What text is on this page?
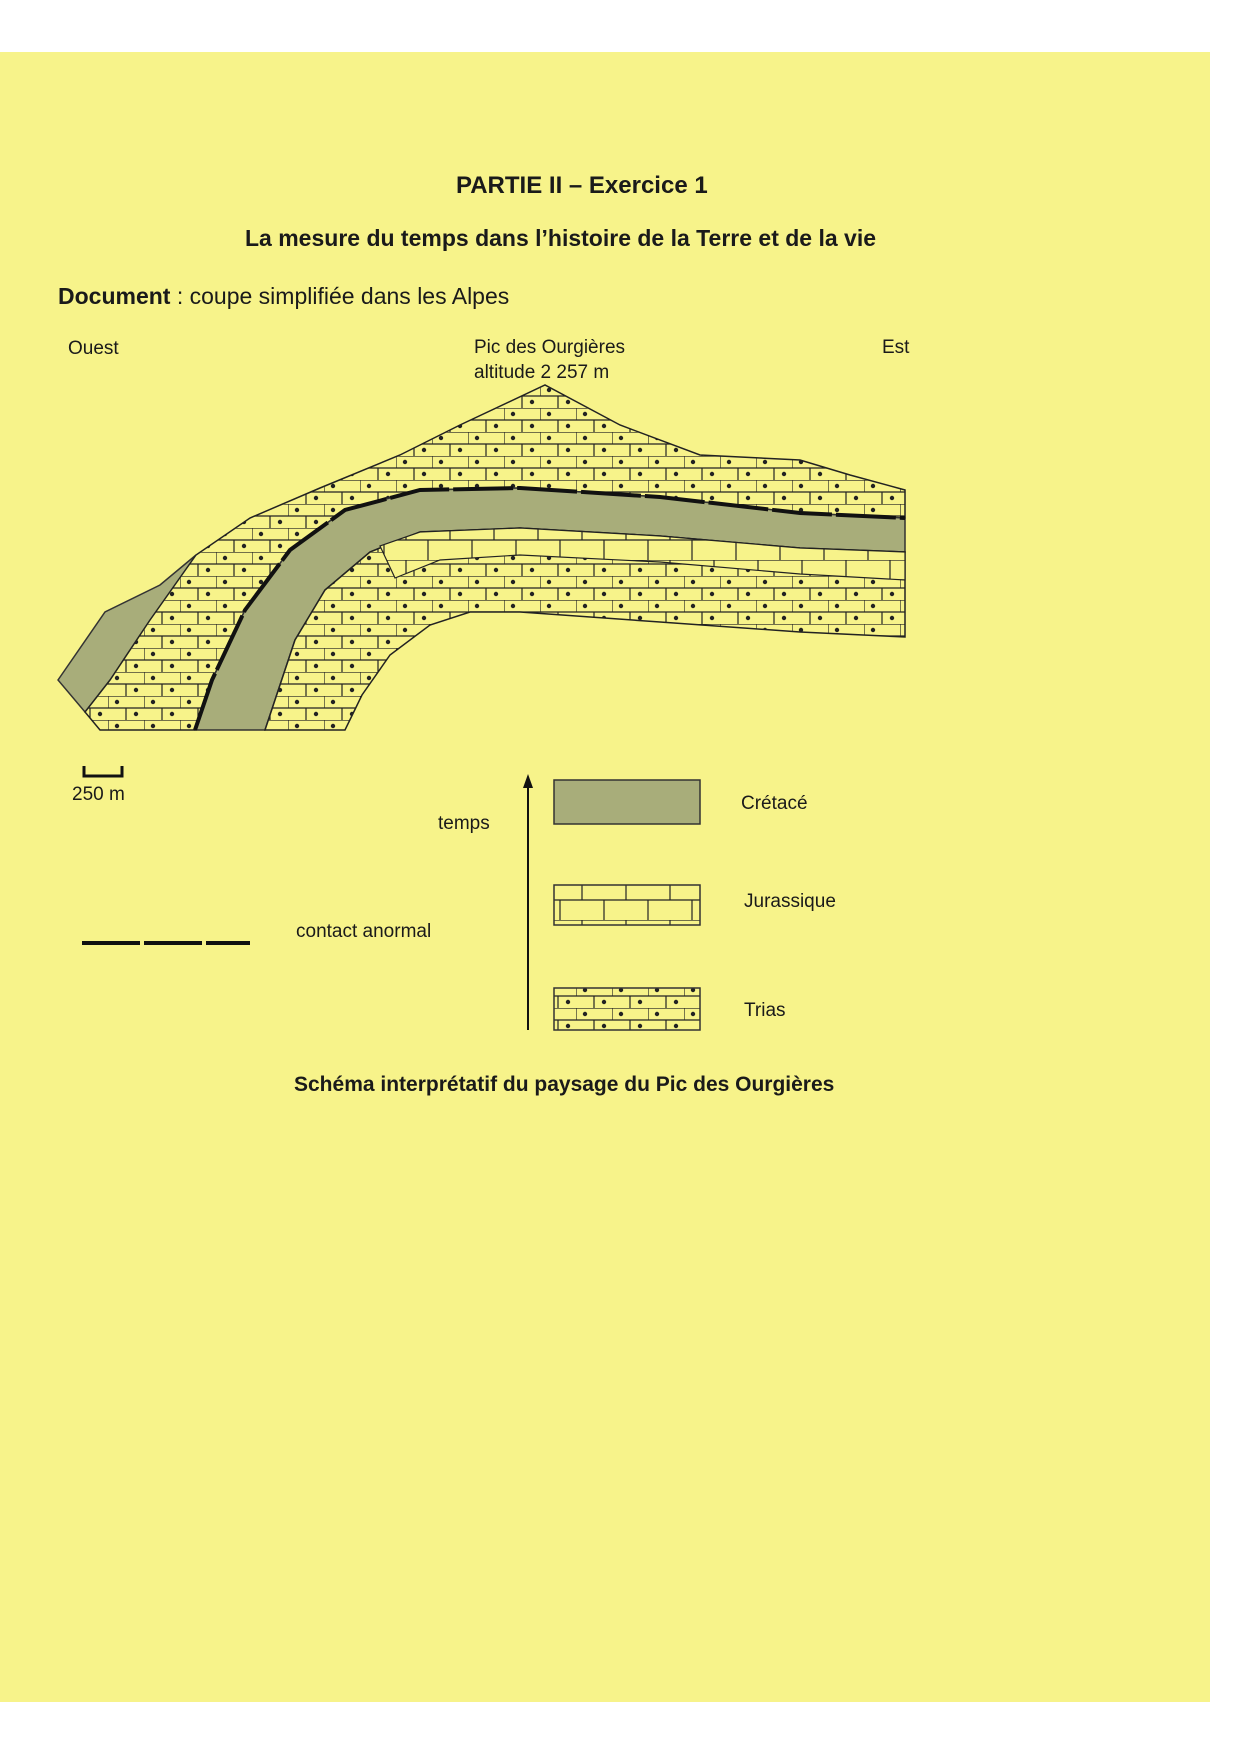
PARTIE II – Exercice 1
La mesure du temps dans l’histoire de la Terre et de la vie
Document : coupe simplifiée dans les Alpes
Ouest	Est
Pic des Ourgières
altitude 2 257 m
250 m
temps
contact anormal
Crétacé
Jurassique
Trias
Schéma interprétatif du paysage du Pic des Ourgières
